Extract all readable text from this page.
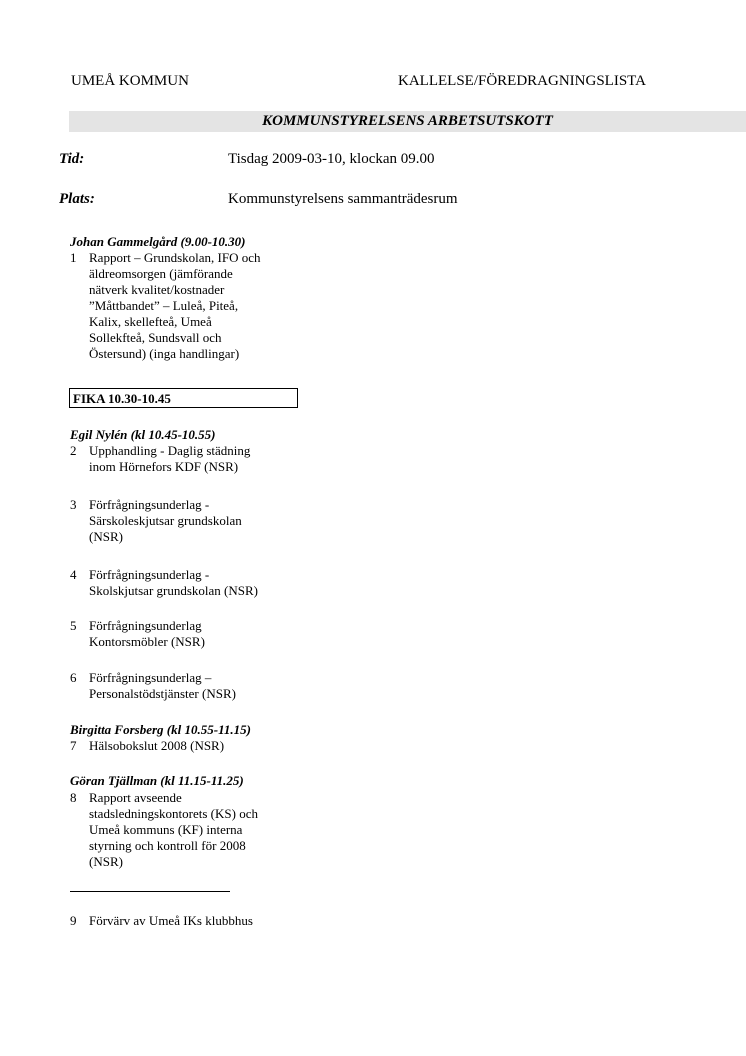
UMEÅ KOMMUN	KALLELSE/FÖREDRAGNINGSLISTA
KOMMUNSTYRELSENS ARBETSUTSKOTT
Tid:	Tisdag 2009-03-10, klockan 09.00
Plats:	Kommunstyrelsens sammanträdesrum
Johan Gammelgård (9.00-10.30)
1 Rapport – Grundskolan, IFO och
äldreomsorgen (jämförande
nätverk kvalitet/kostnader
”Måttbandet” – Luleå, Piteå,
Kalix, skellefteå, Umeå
Sollekfteå, Sundsvall och
Östersund) (inga handlingar)
FIKA 10.30-10.45
Egil Nylén (kl 10.45-10.55)
2 Upphandling - Daglig städning
inom Hörnefors KDF (NSR)
3 Förfrågningsunderlag -
Särskoleskjutsar grundskolan
(NSR)
4 Förfrågningsunderlag -
Skolskjutsar grundskolan (NSR)
5 Förfrågningsunderlag
Kontorsmöbler (NSR)
6 Förfrågningsunderlag –
Personalstödstjänster (NSR)
Birgitta Forsberg (kl 10.55-11.15)
7 Hälsobokslut 2008 (NSR)
Göran Tjällman (kl 11.15-11.25)
8 Rapport avseende
stadsledningskontorets (KS) och
Umeå kommuns (KF) interna
styrning och kontroll för 2008
(NSR)
9 Förvärv av Umeå IKs klubbhus
